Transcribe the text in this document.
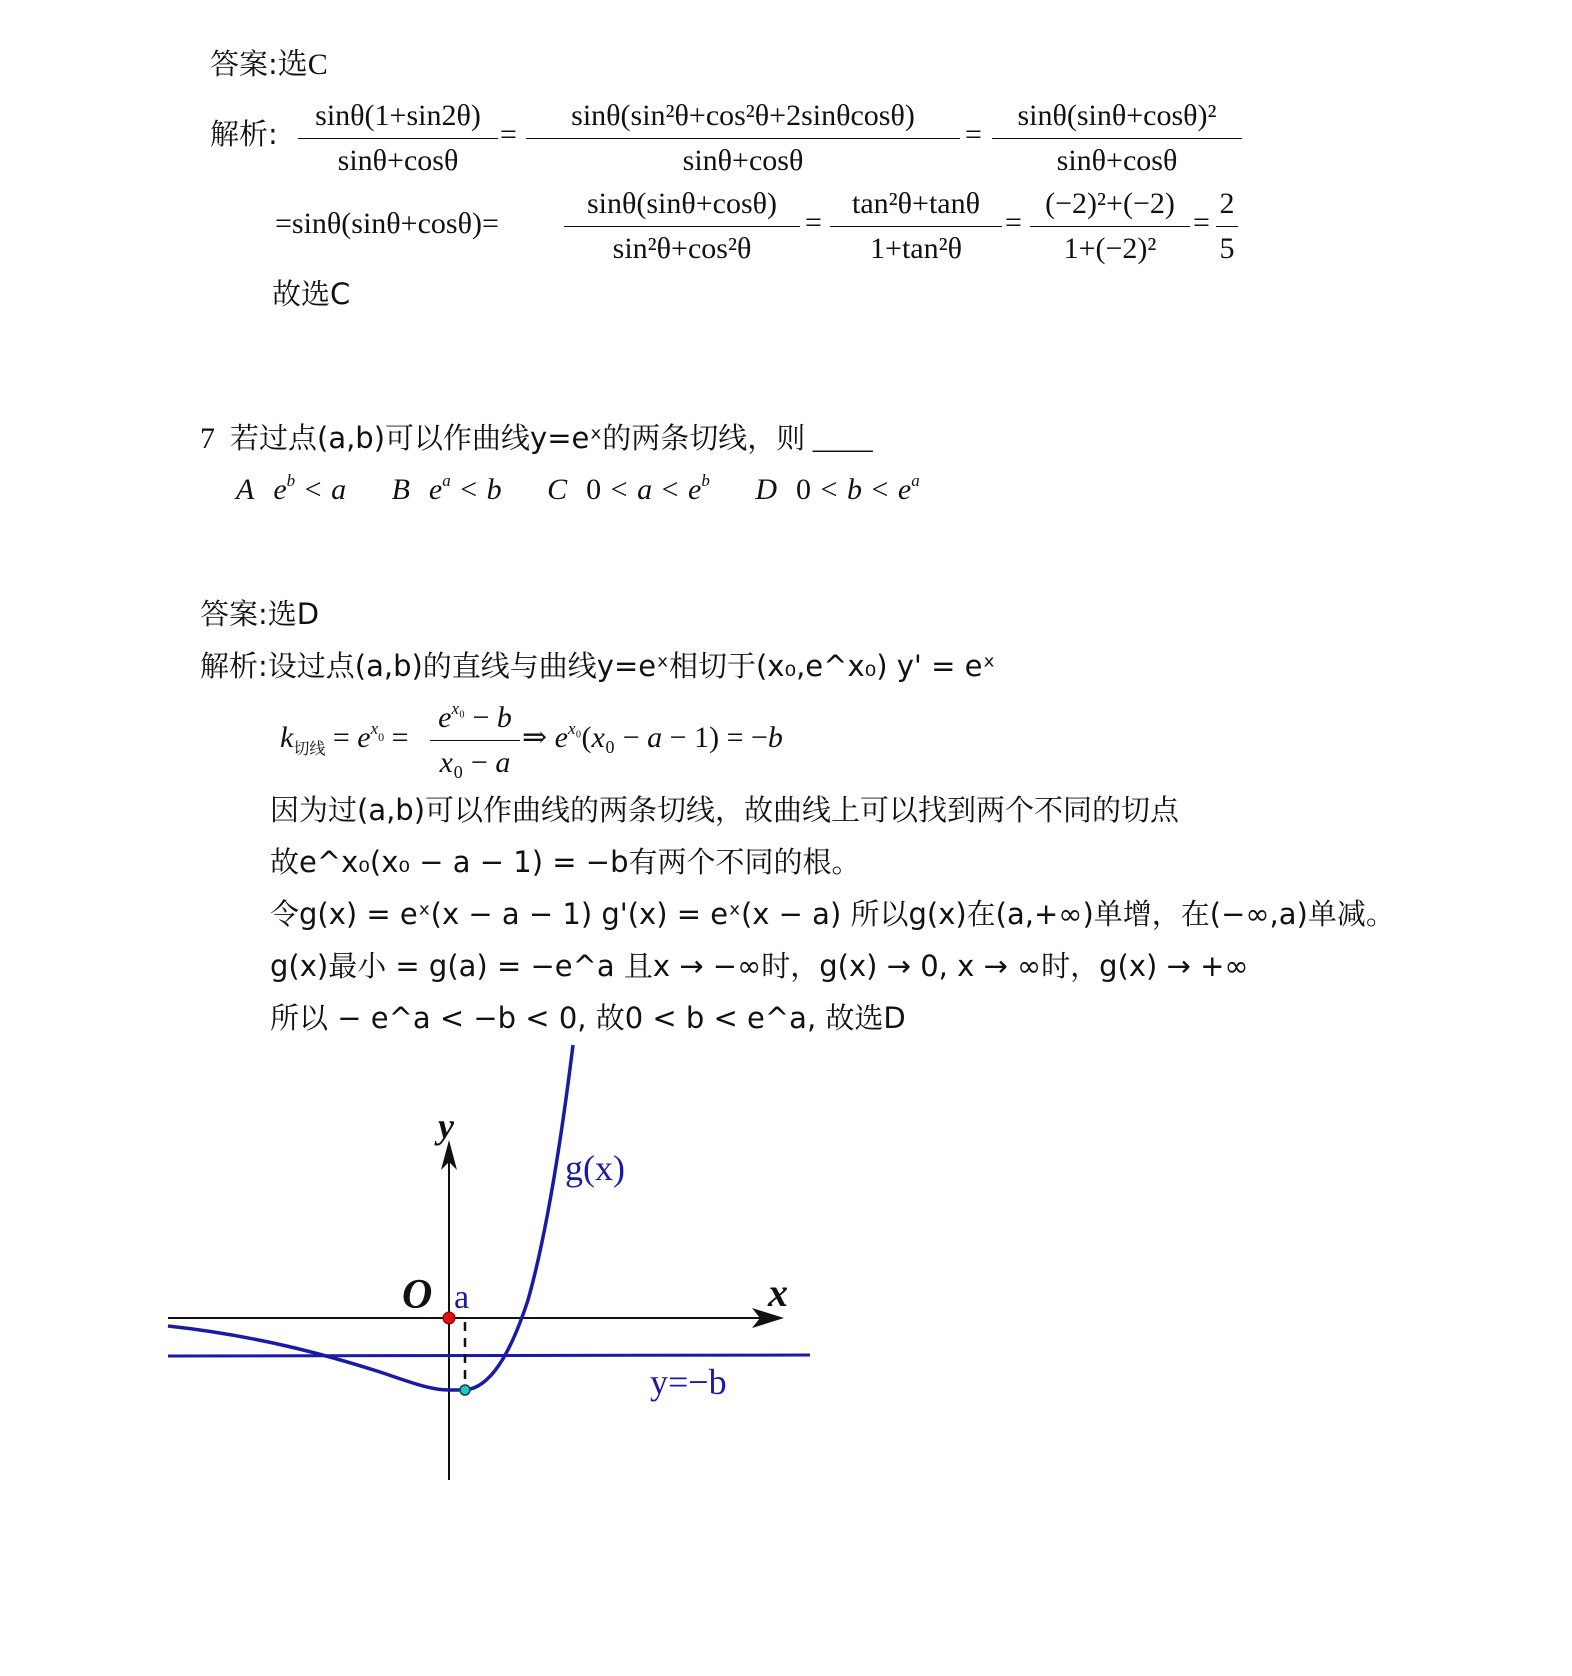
答案:选C
解析:
sinθ(1+sin2θ)
sinθ+cosθ
=
sinθ(sin²θ+cos²θ+2sinθcosθ)
sinθ+cosθ
=
sinθ(sinθ+cosθ)²
sinθ+cosθ
=sinθ(sinθ+cosθ)=
sinθ(sinθ+cosθ)
sin²θ+cos²θ
=
tan²θ+tanθ
1+tan²θ
=
(−2)²+(−2)
1+(−2)²
=
2
5
故选C
7 若过点(a,b)可以作曲线y=eˣ的两条切线，则 ____
A $e^b < a$ B $e^a < b$ C  $0 < a < e^b$ D  $0 < b < e^a$
答案:选D
解析:设过点(a,b)的直线与曲线y=eˣ相切于(x₀,e^x₀) y' = eˣ
$k_{切线} = e^{x_0}$ =
$e^{x_0} - b$
x₀ − a
⇒ $e^{x_0}(x_0 - a - 1) = -b$
因为过(a,b)可以作曲线的两条切线，故曲线上可以找到两个不同的切点
故e^x₀(x₀ − a − 1) = −b有两个不同的根。
令g(x) = eˣ(x − a − 1) g'(x) = eˣ(x − a) 所以g(x)在(a,+∞)单增，在(−∞,a)单减。
g(x)最小 = g(a) = −e^a 且x → −∞时，g(x) → 0, x → ∞时，g(x) → +∞
所以 − e^a < −b < 0, 故0 < b < e^a, 故选D
y
x
O a
g(x)
y=−b
